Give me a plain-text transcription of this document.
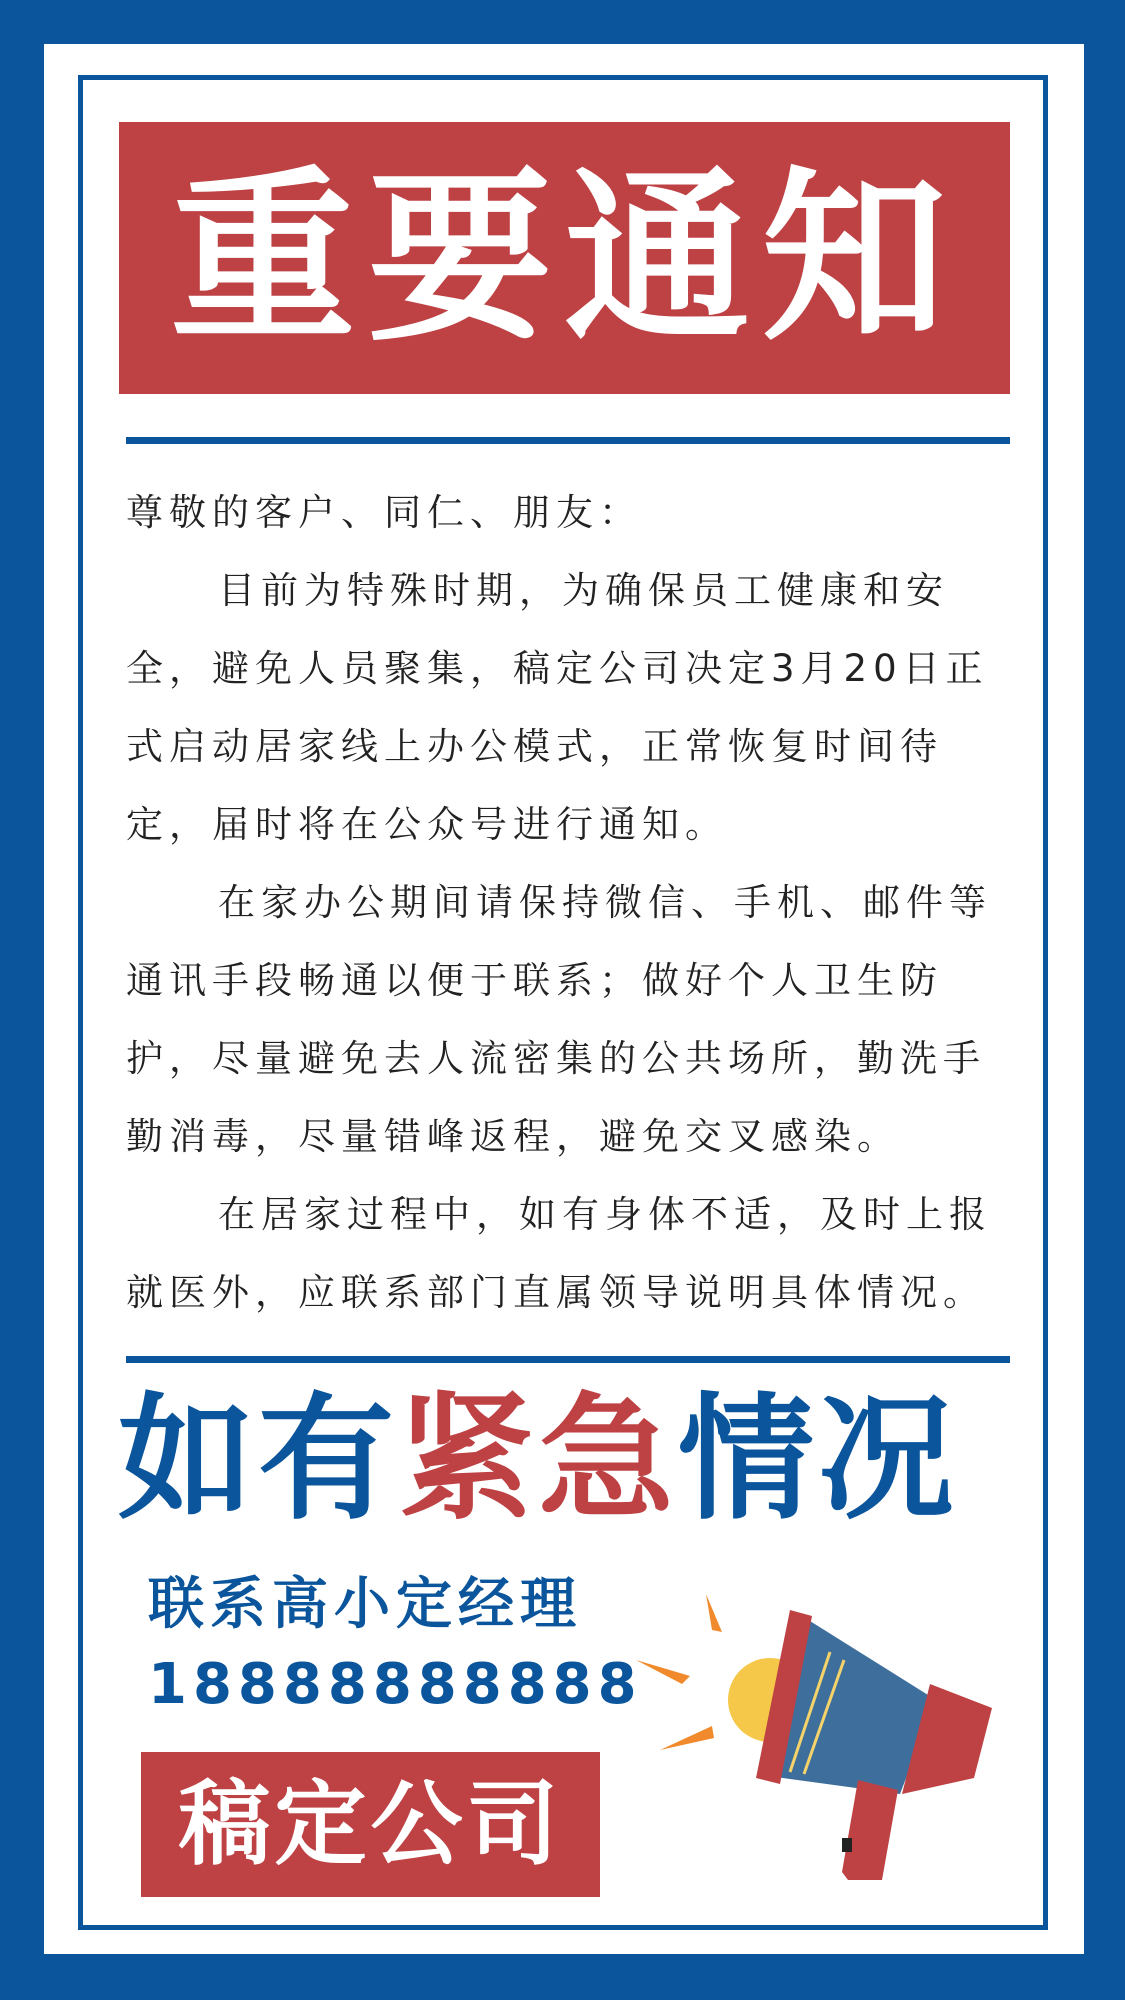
重要通知

尊敬的客户、同仁、朋友：

目前为特殊时期，为确保员工健康和安全，避免人员聚集，稿定公司决定3月20日正式启动居家线上办公模式，正常恢复时间待定，届时将在公众号进行通知。

在家办公期间请保持微信、手机、邮件等通讯手段畅通以便于联系；做好个人卫生防护，尽量避免去人流密集的公共场所，勤洗手勤消毒，尽量错峰返程，避免交叉感染。

在居家过程中，如有身体不适，及时上报就医外，应联系部门直属领导说明具体情况。

如有紧急情况
联系高小定经理
18888888888
稿定公司
